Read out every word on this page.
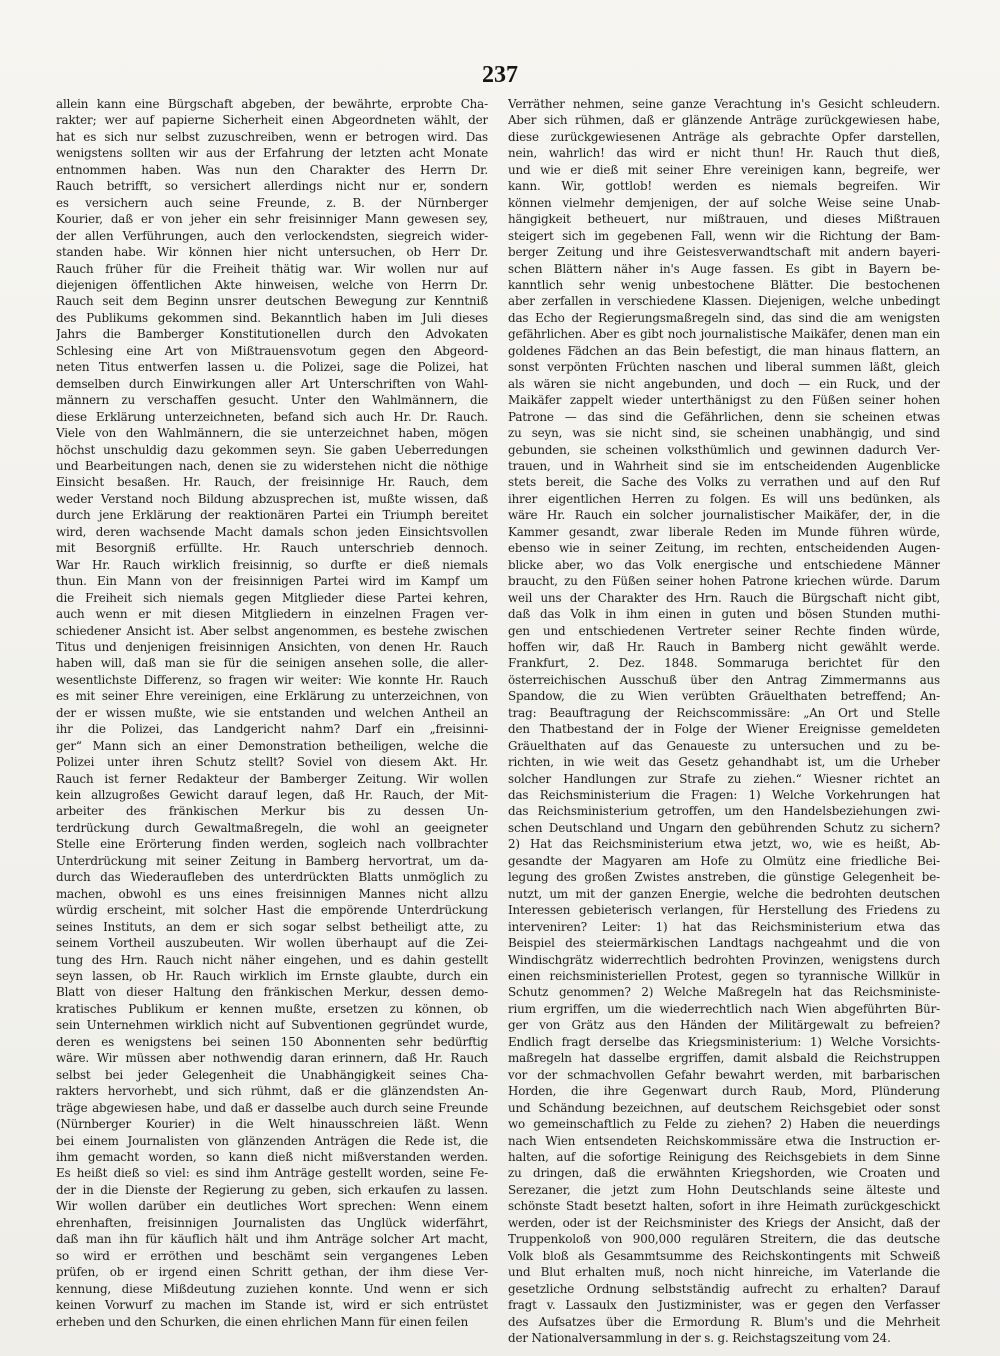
237
allein kann eine Bürgschaft abgeben, der bewährte, erprobte Cha-
rakter; wer auf papierne Sicherheit einen Abgeordneten wählt, der
hat es sich nur selbst zuzuschreiben, wenn er betrogen wird. Das
wenigstens sollten wir aus der Erfahrung der letzten acht Monate
entnommen haben. Was nun den Charakter des Herrn Dr.
Rauch betrifft, so versichert allerdings nicht nur er, sondern
es versichern auch seine Freunde, z. B. der Nürnberger
Kourier, daß er von jeher ein sehr freisinniger Mann gewesen sey,
der allen Verführungen, auch den verlockendsten, siegreich wider-
standen habe. Wir können hier nicht untersuchen, ob Herr Dr.
Rauch früher für die Freiheit thätig war. Wir wollen nur auf
diejenigen öffentlichen Akte hinweisen, welche von Herrn Dr.
Rauch seit dem Beginn unsrer deutschen Bewegung zur Kenntniß
des Publikums gekommen sind. Bekanntlich haben im Juli dieses
Jahrs die Bamberger Konstitutionellen durch den Advokaten
Schlesing eine Art von Mißtrauensvotum gegen den Abgeord-
neten Titus entwerfen lassen u. die Polizei, sage die Polizei, hat
demselben durch Einwirkungen aller Art Unterschriften von Wahl-
männern zu verschaffen gesucht. Unter den Wahlmännern, die
diese Erklärung unterzeichneten, befand sich auch Hr. Dr. Rauch.
Viele von den Wahlmännern, die sie unterzeichnet haben, mögen
höchst unschuldig dazu gekommen seyn. Sie gaben Ueberredungen
und Bearbeitungen nach, denen sie zu widerstehen nicht die nöthige
Einsicht besaßen. Hr. Rauch, der freisinnige Hr. Rauch, dem
weder Verstand noch Bildung abzusprechen ist, mußte wissen, daß
durch jene Erklärung der reaktionären Partei ein Triumph bereitet
wird, deren wachsende Macht damals schon jeden Einsichtsvollen
mit Besorgniß erfüllte. Hr. Rauch unterschrieb dennoch.
War Hr. Rauch wirklich freisinnig, so durfte er dieß niemals
thun. Ein Mann von der freisinnigen Partei wird im Kampf um
die Freiheit sich niemals gegen Mitglieder diese Partei kehren,
auch wenn er mit diesen Mitgliedern in einzelnen Fragen ver-
schiedener Ansicht ist. Aber selbst angenommen, es bestehe zwischen
Titus und denjenigen freisinnigen Ansichten, von denen Hr. Rauch
haben will, daß man sie für die seinigen ansehen solle, die aller-
wesentlichste Differenz, so fragen wir weiter: Wie konnte Hr. Rauch
es mit seiner Ehre vereinigen, eine Erklärung zu unterzeichnen, von
der er wissen mußte, wie sie entstanden und welchen Antheil an
ihr die Polizei, das Landgericht nahm? Darf ein „freisinni-
ger“ Mann sich an einer Demonstration betheiligen, welche die
Polizei unter ihren Schutz stellt? Soviel von diesem Akt. Hr.
Rauch ist ferner Redakteur der Bamberger Zeitung. Wir wollen
kein allzugroßes Gewicht darauf legen, daß Hr. Rauch, der Mit-
arbeiter des fränkischen Merkur bis zu dessen Un-
terdrückung durch Gewaltmaßregeln, die wohl an geeigneter
Stelle eine Erörterung finden werden, sogleich nach vollbrachter
Unterdrückung mit seiner Zeitung in Bamberg hervortrat, um da-
durch das Wiederaufleben des unterdrückten Blatts unmöglich zu
machen, obwohl es uns eines freisinnigen Mannes nicht allzu
würdig erscheint, mit solcher Hast die empörende Unterdrückung
seines Instituts, an dem er sich sogar selbst betheiligt atte, zu
seinem Vortheil auszubeuten. Wir wollen überhaupt auf die Zei-
tung des Hrn. Rauch nicht näher eingehen, und es dahin gestellt
seyn lassen, ob Hr. Rauch wirklich im Ernste glaubte, durch ein
Blatt von dieser Haltung den fränkischen Merkur, dessen demo-
kratisches Publikum er kennen mußte, ersetzen zu können, ob
sein Unternehmen wirklich nicht auf Subventionen gegründet wurde,
deren es wenigstens bei seinen 150 Abonnenten sehr bedürftig
wäre. Wir müssen aber nothwendig daran erinnern, daß Hr. Rauch
selbst bei jeder Gelegenheit die Unabhängigkeit seines Cha-
rakters hervorhebt, und sich rühmt, daß er die glänzendsten An-
träge abgewiesen habe, und daß er dasselbe auch durch seine Freunde
(Nürnberger Kourier) in die Welt hinausschreien läßt. Wenn
bei einem Journalisten von glänzenden Anträgen die Rede ist, die
ihm gemacht worden, so kann dieß nicht mißverstanden werden.
Es heißt dieß so viel: es sind ihm Anträge gestellt worden, seine Fe-
der in die Dienste der Regierung zu geben, sich erkaufen zu lassen.
Wir wollen darüber ein deutliches Wort sprechen: Wenn einem
ehrenhaften, freisinnigen Journalisten das Unglück widerfährt,
daß man ihn für käuflich hält und ihm Anträge solcher Art macht,
so wird er erröthen und beschämt sein vergangenes Leben
prüfen, ob er irgend einen Schritt gethan, der ihm diese Ver-
kennung, diese Mißdeutung zuziehen konnte. Und wenn er sich
keinen Vorwurf zu machen im Stande ist, wird er sich entrüstet
erheben und den Schurken, die einen ehrlichen Mann für einen feilen
Verräther nehmen, seine ganze Verachtung in's Gesicht schleudern.
Aber sich rühmen, daß er glänzende Anträge zurückgewiesen habe,
diese zurückgewiesenen Anträge als gebrachte Opfer darstellen,
nein, wahrlich! das wird er nicht thun! Hr. Rauch thut dieß,
und wie er dieß mit seiner Ehre vereinigen kann, begreife, wer
kann. Wir, gottlob! werden es niemals begreifen. Wir
können vielmehr demjenigen, der auf solche Weise seine Unab-
hängigkeit betheuert, nur mißtrauen, und dieses Mißtrauen
steigert sich im gegebenen Fall, wenn wir die Richtung der Bam-
berger Zeitung und ihre Geistesverwandtschaft mit andern bayeri-
schen Blättern näher in's Auge fassen. Es gibt in Bayern be-
kanntlich sehr wenig unbestochene Blätter. Die bestochenen
aber zerfallen in verschiedene Klassen. Diejenigen, welche unbedingt
das Echo der Regierungsmaßregeln sind, das sind die am wenigsten
gefährlichen. Aber es gibt noch journalistische Maikäfer, denen man ein
goldenes Fädchen an das Bein befestigt, die man hinaus flattern, an
sonst verpönten Früchten naschen und liberal summen läßt, gleich
als wären sie nicht angebunden, und doch — ein Ruck, und der
Maikäfer zappelt wieder unterthänigst zu den Füßen seiner hohen
Patrone — das sind die Gefährlichen, denn sie scheinen etwas
zu seyn, was sie nicht sind, sie scheinen unabhängig, und sind
gebunden, sie scheinen volksthümlich und gewinnen dadurch Ver-
trauen, und in Wahrheit sind sie im entscheidenden Augenblicke
stets bereit, die Sache des Volks zu verrathen und auf den Ruf
ihrer eigentlichen Herren zu folgen. Es will uns bedünken, als
wäre Hr. Rauch ein solcher journalistischer Maikäfer, der, in die
Kammer gesandt, zwar liberale Reden im Munde führen würde,
ebenso wie in seiner Zeitung, im rechten, entscheidenden Augen-
blicke aber, wo das Volk energische und entschiedene Männer
braucht, zu den Füßen seiner hohen Patrone kriechen würde. Darum
weil uns der Charakter des Hrn. Rauch die Bürgschaft nicht gibt,
daß das Volk in ihm einen in guten und bösen Stunden muthi-
gen und entschiedenen Vertreter seiner Rechte finden würde,
hoffen wir, daß Hr. Rauch in Bamberg nicht gewählt werde.
Frankfurt, 2. Dez. 1848. Sommaruga berichtet für den
österreichischen Ausschuß über den Antrag Zimmermanns aus
Spandow, die zu Wien verübten Gräuelthaten betreffend; An-
trag: Beauftragung der Reichscommissäre: „An Ort und Stelle
den Thatbestand der in Folge der Wiener Ereignisse gemeldeten
Gräuelthaten auf das Genaueste zu untersuchen und zu be-
richten, in wie weit das Gesetz gehandhabt ist, um die Urheber
solcher Handlungen zur Strafe zu ziehen.“ Wiesner richtet an
das Reichsministerium die Fragen: 1) Welche Vorkehrungen hat
das Reichsministerium getroffen, um den Handelsbeziehungen zwi-
schen Deutschland und Ungarn den gebührenden Schutz zu sichern?
2) Hat das Reichsministerium etwa jetzt, wo, wie es heißt, Ab-
gesandte der Magyaren am Hofe zu Olmütz eine friedliche Bei-
legung des großen Zwistes anstreben, die günstige Gelegenheit be-
nutzt, um mit der ganzen Energie, welche die bedrohten deutschen
Interessen gebieterisch verlangen, für Herstellung des Friedens zu
interveniren? Leiter: 1) hat das Reichsministerium etwa das
Beispiel des steiermärkischen Landtags nachgeahmt und die von
Windischgrätz widerrechtlich bedrohten Provinzen, wenigstens durch
einen reichsministeriellen Protest, gegen so tyrannische Willkür in
Schutz genommen? 2) Welche Maßregeln hat das Reichsministe-
rium ergriffen, um die wiederrechtlich nach Wien abgeführten Bür-
ger von Grätz aus den Händen der Militärgewalt zu befreien?
Endlich fragt derselbe das Kriegsministerium: 1) Welche Vorsichts-
maßregeln hat dasselbe ergriffen, damit alsbald die Reichstruppen
vor der schmachvollen Gefahr bewahrt werden, mit barbarischen
Horden, die ihre Gegenwart durch Raub, Mord, Plünderung
und Schändung bezeichnen, auf deutschem Reichsgebiet oder sonst
wo gemeinschaftlich zu Felde zu ziehen? 2) Haben die neuerdings
nach Wien entsendeten Reichskommissäre etwa die Instruction er-
halten, auf die sofortige Reinigung des Reichsgebiets in dem Sinne
zu dringen, daß die erwähnten Kriegshorden, wie Croaten und
Serezaner, die jetzt zum Hohn Deutschlands seine älteste und
schönste Stadt besetzt halten, sofort in ihre Heimath zurückgeschickt
werden, oder ist der Reichsminister des Kriegs der Ansicht, daß der
Truppenkoloß von 900,000 regulären Streitern, die das deutsche
Volk bloß als Gesammtsumme des Reichskontingents mit Schweiß
und Blut erhalten muß, noch nicht hinreiche, im Vaterlande die
gesetzliche Ordnung selbstständig aufrecht zu erhalten? Darauf
fragt v. Lassaulx den Justizminister, was er gegen den Verfasser
des Aufsatzes über die Ermordung R. Blum's und die Mehrheit
der Nationalversammlung in der s. g. Reichstagszeitung vom 24.
